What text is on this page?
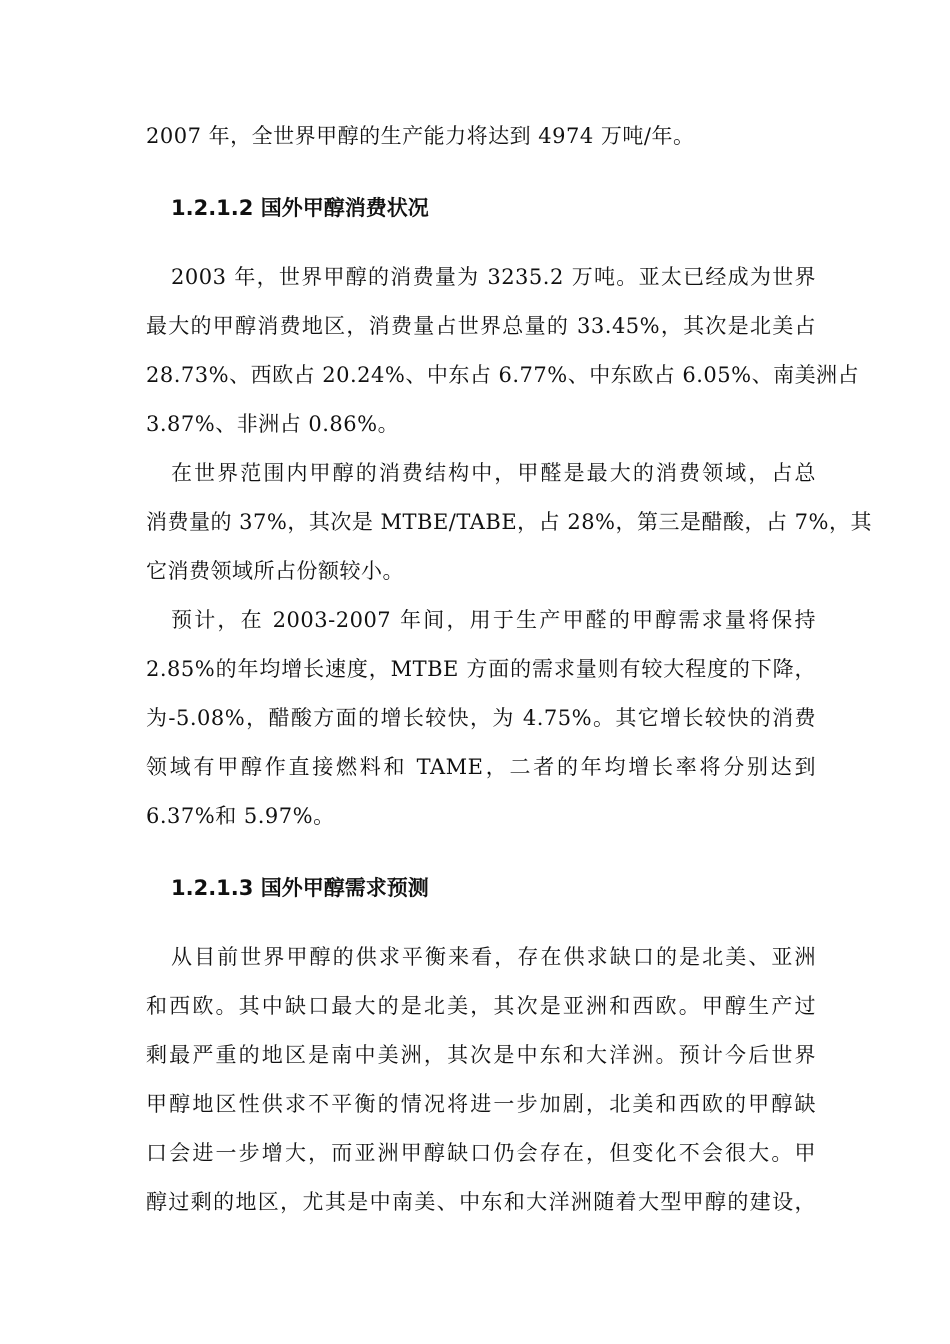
2007 年，全世界甲醇的生产能力将达到 4974 万吨/年。
1.2.1.2 国外甲醇消费状况
2003 年，世界甲醇的消费量为 3235.2 万吨。亚太已经成为世界
最大的甲醇消费地区，消费量占世界总量的 33.45%，其次是北美占
28.73%、西欧占 20.24%、中东占 6.77%、中东欧占 6.05%、南美洲占
3.87%、非洲占 0.86%。
在世界范围内甲醇的消费结构中，甲醛是最大的消费领域，占总
消费量的 37%，其次是 MTBE/TABE，占 28%，第三是醋酸，占 7%，其
它消费领域所占份额较小。
预计，在 2003-2007 年间，用于生产甲醛的甲醇需求量将保持
2.85%的年均增长速度，MTBE 方面的需求量则有较大程度的下降，
为-5.08%，醋酸方面的增长较快，为 4.75%。其它增长较快的消费
领域有甲醇作直接燃料和 TAME，二者的年均增长率将分别达到
6.37%和 5.97%。
1.2.1.3 国外甲醇需求预测
从目前世界甲醇的供求平衡来看，存在供求缺口的是北美、亚洲
和西欧。其中缺口最大的是北美，其次是亚洲和西欧。甲醇生产过
剩最严重的地区是南中美洲，其次是中东和大洋洲。预计今后世界
甲醇地区性供求不平衡的情况将进一步加剧，北美和西欧的甲醇缺
口会进一步增大，而亚洲甲醇缺口仍会存在，但变化不会很大。甲
醇过剩的地区，尤其是中南美、中东和大洋洲随着大型甲醇的建设，
